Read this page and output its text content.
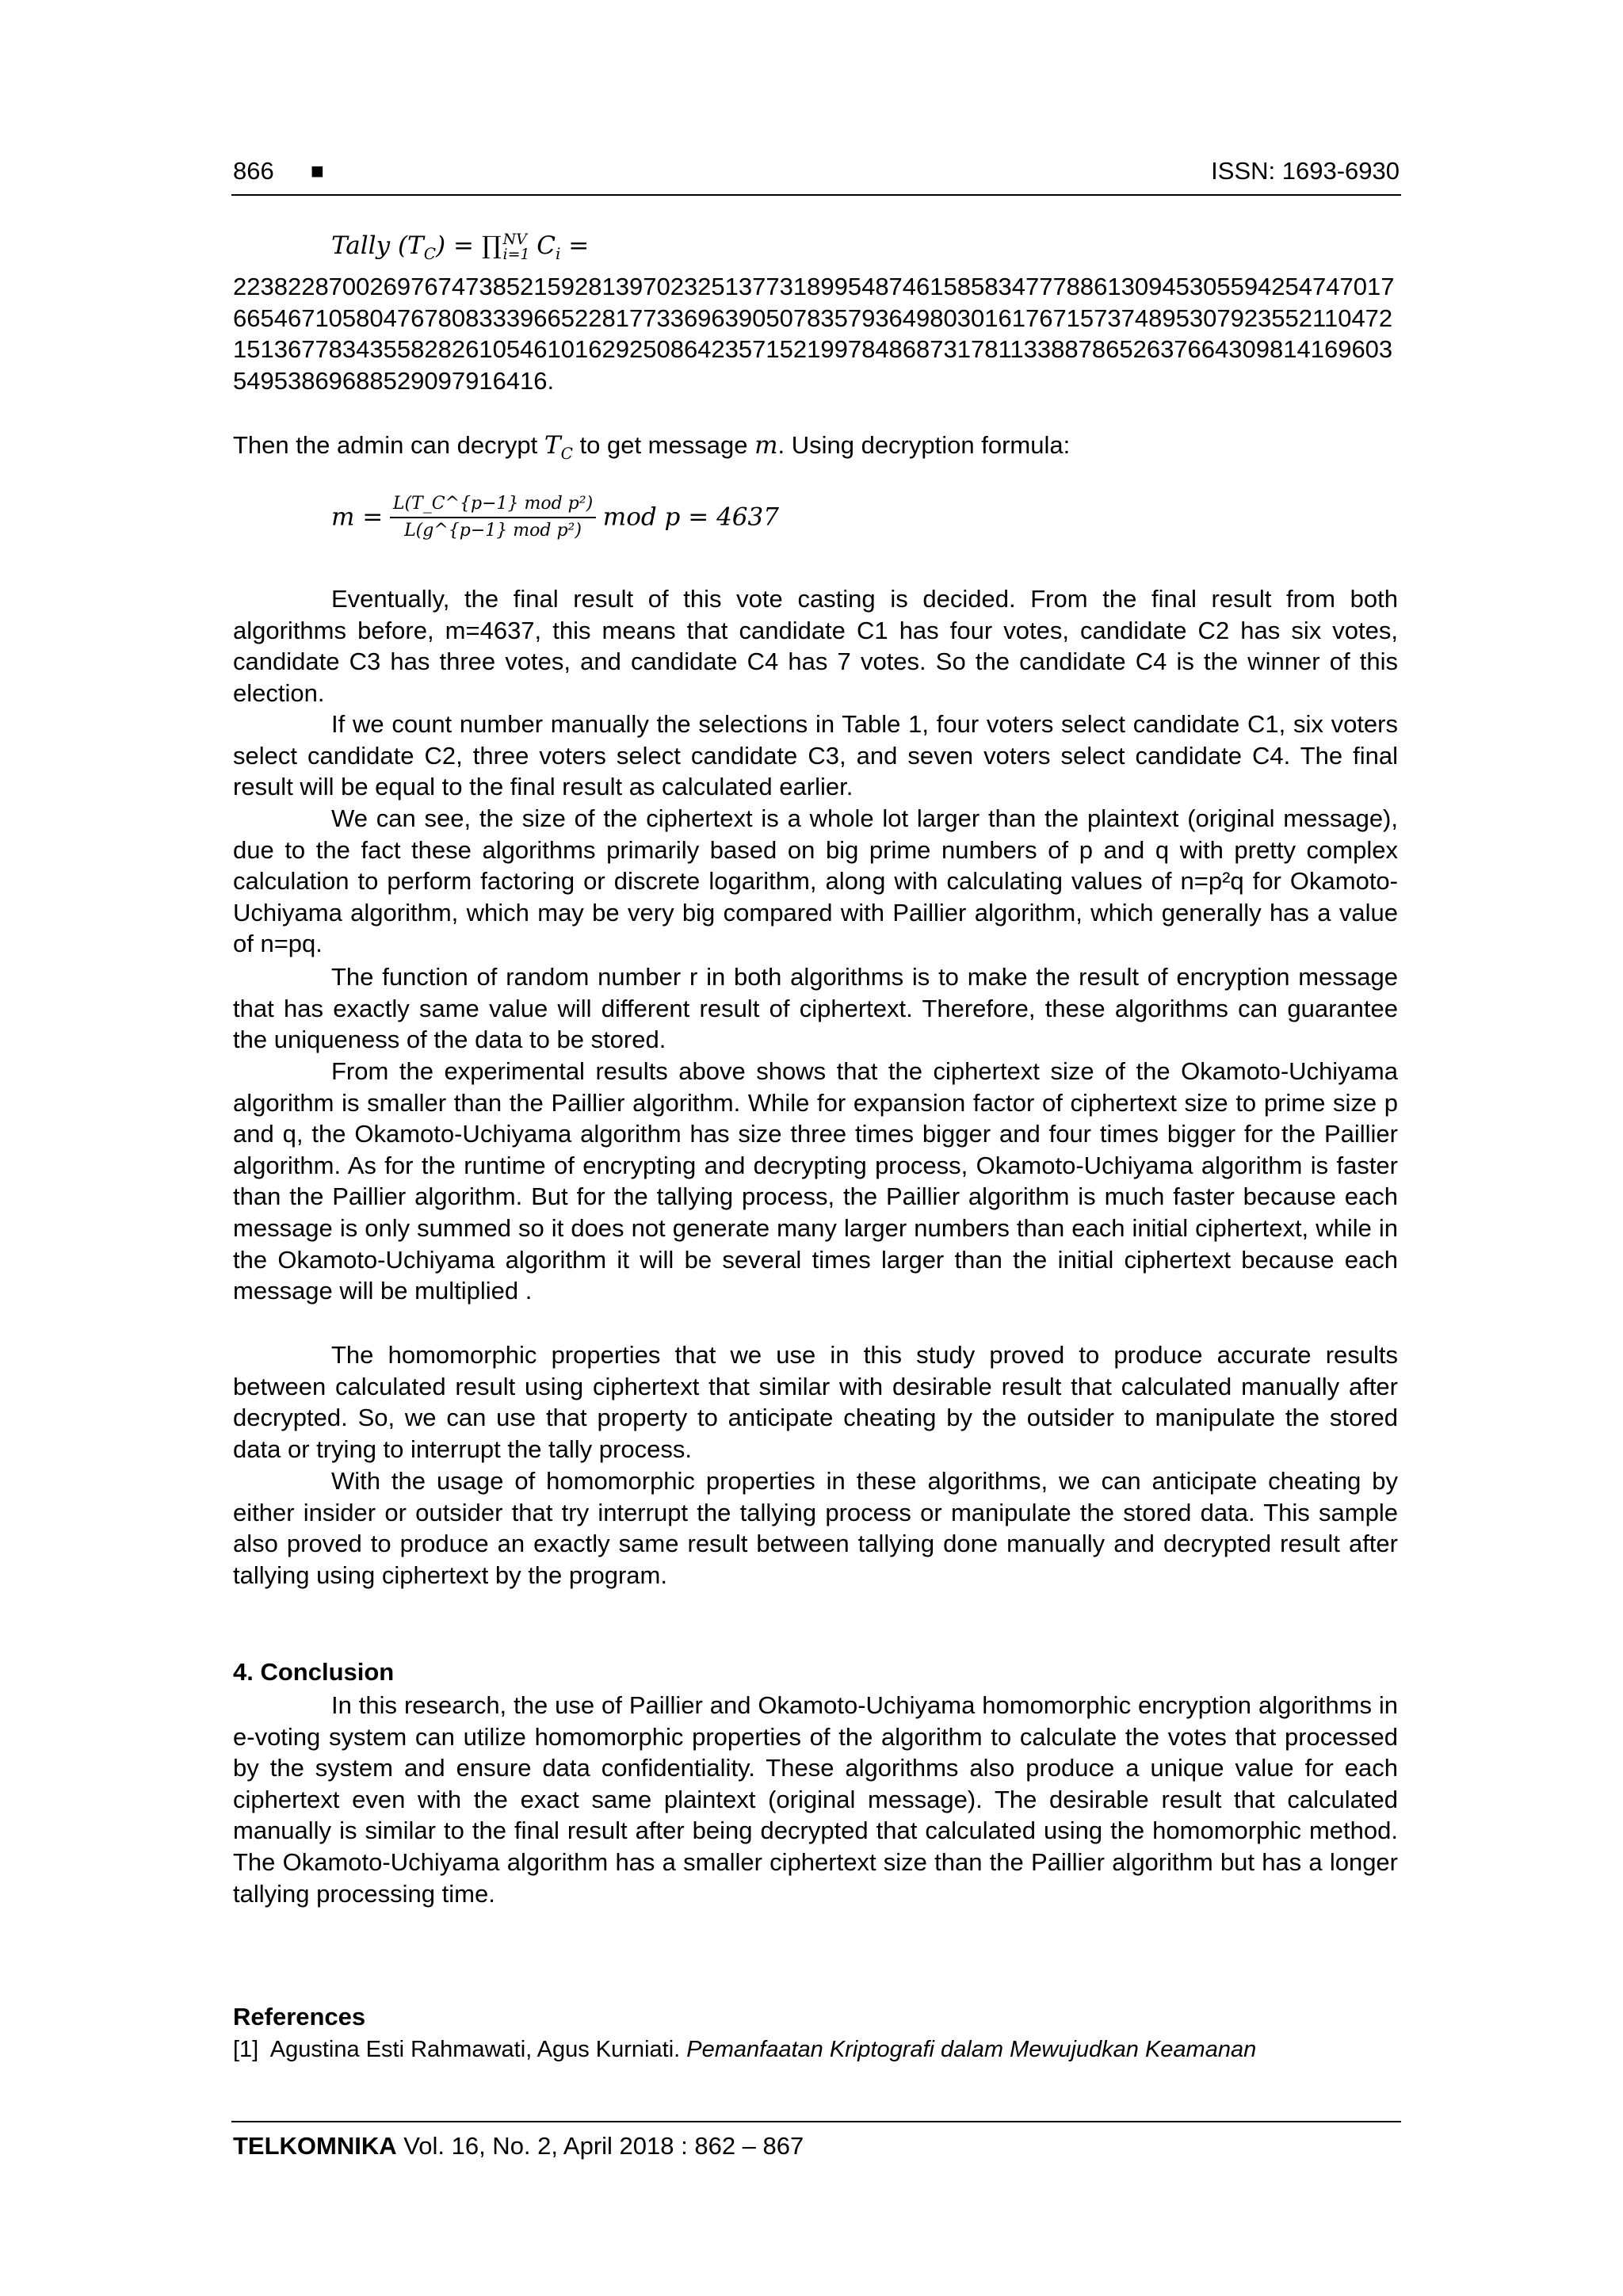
866 ■	ISSN: 1693-6930
Tally $(T_C)$ = ∏ NV
i=1 $C_i$ =

22382287002697674738521592813970232513773189954874615858347778861309453055942547470176654671058047678083339665228177336963905078357936498030161767157374895307923552110472151367783435582826105461016292508642357152199784868731781133887865263766430981416960354953869688529097916416.

Then the admin can decrypt $T_C$ to get message m. Using decryption formula:

$m = \frac{\text{L(T\_C\textasciicircum{}\{p−1\} mod p²)}}{\text{L(g\textasciicircum{}\{p−1\} mod p²)}}$ mod p = 4637

Eventually, the final result of this vote casting is decided. From the final result from both algorithms before, m=4637, this means that candidate C1 has four votes, candidate C2 has six votes, candidate C3 has three votes, and candidate C4 has 7 votes. So the candidate C4 is the winner of this election.

If we count number manually the selections in Table 1, four voters select candidate C1, six voters select candidate C2, three voters select candidate C3, and seven voters select candidate C4. The final result will be equal to the final result as calculated earlier.

We can see, the size of the ciphertext is a whole lot larger than the plaintext (original message), due to the fact these algorithms primarily based on big prime numbers of p and q with pretty complex calculation to perform factoring or discrete logarithm, along with calculating values of n=p²q for Okamoto-Uchiyama algorithm, which may be very big compared with Paillier algorithm, which generally has a value of n=pq.

The function of random number r in both algorithms is to make the result of encryption message that has exactly same value will different result of ciphertext. Therefore, these algorithms can guarantee the uniqueness of the data to be stored.

From the experimental results above shows that the ciphertext size of the Okamoto-Uchiyama algorithm is smaller than the Paillier algorithm. While for expansion factor of ciphertext size to prime size p and q, the Okamoto-Uchiyama algorithm has size three times bigger and four times bigger for the Paillier algorithm. As for the runtime of encrypting and decrypting process, Okamoto-Uchiyama algorithm is faster than the Paillier algorithm. But for the tallying process, the Paillier algorithm is much faster because each message is only summed so it does not generate many larger numbers than each initial ciphertext, while in the Okamoto-Uchiyama algorithm it will be several times larger than the initial ciphertext because each message will be multiplied .

The homomorphic properties that we use in this study proved to produce accurate results between calculated result using ciphertext that similar with desirable result that calculated manually after decrypted. So, we can use that property to anticipate cheating by the outsider to manipulate the stored data or trying to interrupt the tally process.

With the usage of homomorphic properties in these algorithms, we can anticipate cheating by either insider or outsider that try interrupt the tallying process or manipulate the stored data. This sample also proved to produce an exactly same result between tallying done manually and decrypted result after tallying using ciphertext by the program.

4. Conclusion

In this research, the use of Paillier and Okamoto-Uchiyama homomorphic encryption algorithms in e-voting system can utilize homomorphic properties of the algorithm to calculate the votes that processed by the system and ensure data confidentiality. These algorithms also produce a unique value for each ciphertext even with the exact same plaintext (original message). The desirable result that calculated manually is similar to the final result after being decrypted that calculated using the homomorphic method. The Okamoto-Uchiyama algorithm has a smaller ciphertext size than the Paillier algorithm but has a longer tallying processing time.

References
[1] Agustina Esti Rahmawati, Agus Kurniati. Pemanfaatan Kriptografi dalam Mewujudkan Keamanan
TELKOMNIKA Vol. 16, No. 2, April 2018 : 862 – 867
